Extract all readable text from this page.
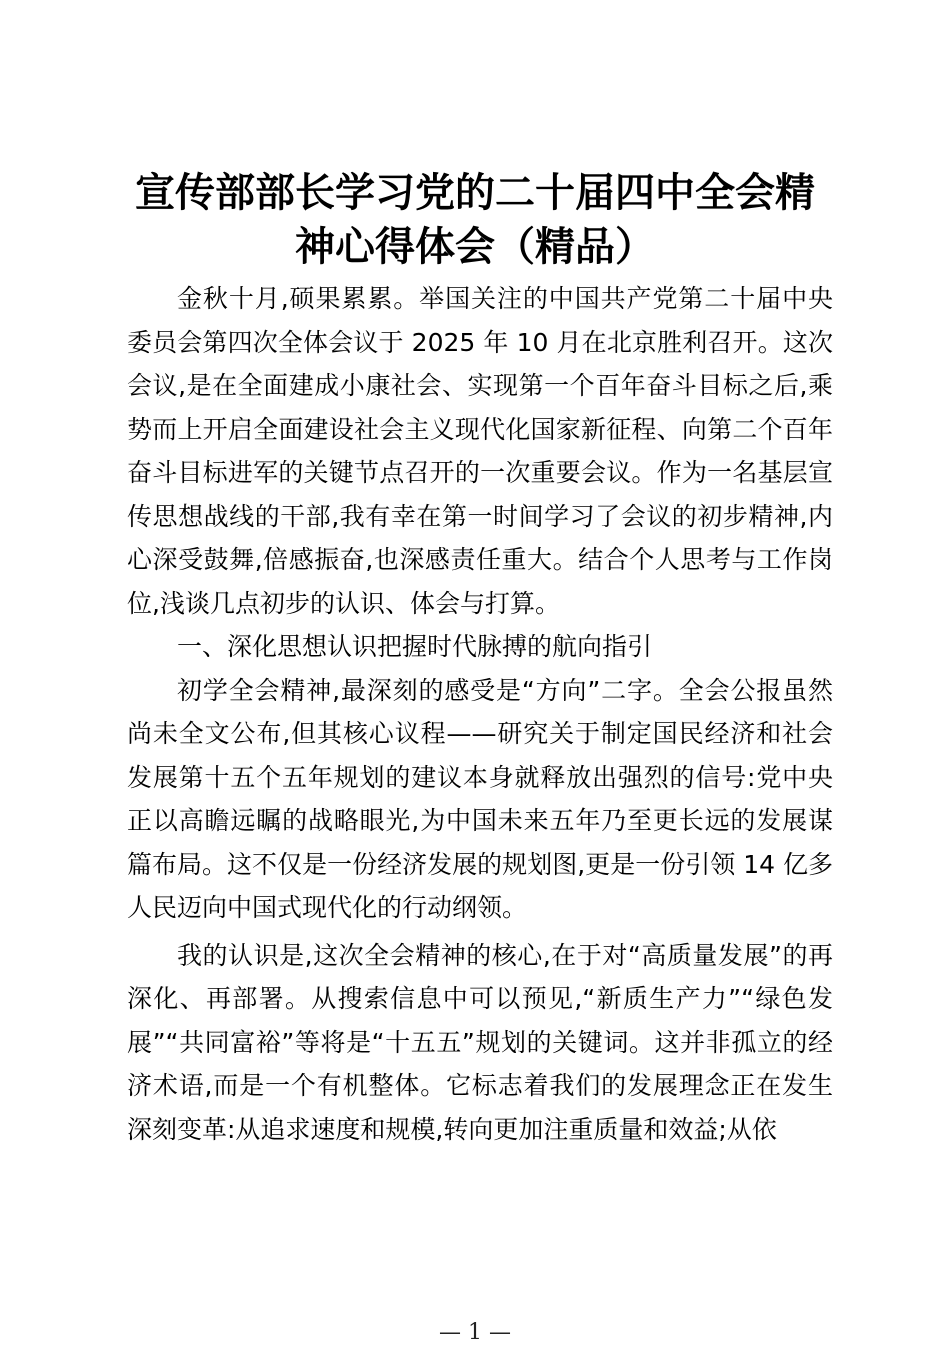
宣传部部长学习党的二十届四中全会精
神心得体会（精品）

金秋十月,硕果累累。举国关注的中国共产党第二十届中央委员会第四次全体会议于 2025 年 10 月在北京胜利召开。这次会议,是在全面建成小康社会、实现第一个百年奋斗目标之后,乘势而上开启全面建设社会主义现代化国家新征程、向第二个百年奋斗目标进军的关键节点召开的一次重要会议。作为一名基层宣传思想战线的干部,我有幸在第一时间学习了会议的初步精神,内心深受鼓舞,倍感振奋,也深感责任重大。结合个人思考与工作岗位,浅谈几点初步的认识、体会与打算。

一、深化思想认识把握时代脉搏的航向指引

初学全会精神,最深刻的感受是“方向”二字。全会公报虽然尚未全文公布,但其核心议程——研究关于制定国民经济和社会发展第十五个五年规划的建议本身就释放出强烈的信号:党中央正以高瞻远瞩的战略眼光,为中国未来五年乃至更长远的发展谋篇布局。这不仅是一份经济发展的规划图,更是一份引领 14 亿多人民迈向中国式现代化的行动纲领。

我的认识是,这次全会精神的核心,在于对“高质量发展”的再深化、再部署。从搜索信息中可以预见,“新质生产力”“绿色发展”“共同富裕”等将是“十五五”规划的关键词。这并非孤立的经济术语,而是一个有机整体。它标志着我们的发展理念正在发生深刻变革:从追求速度和规模,转向更加注重质量和效益;从依

— 1 —
